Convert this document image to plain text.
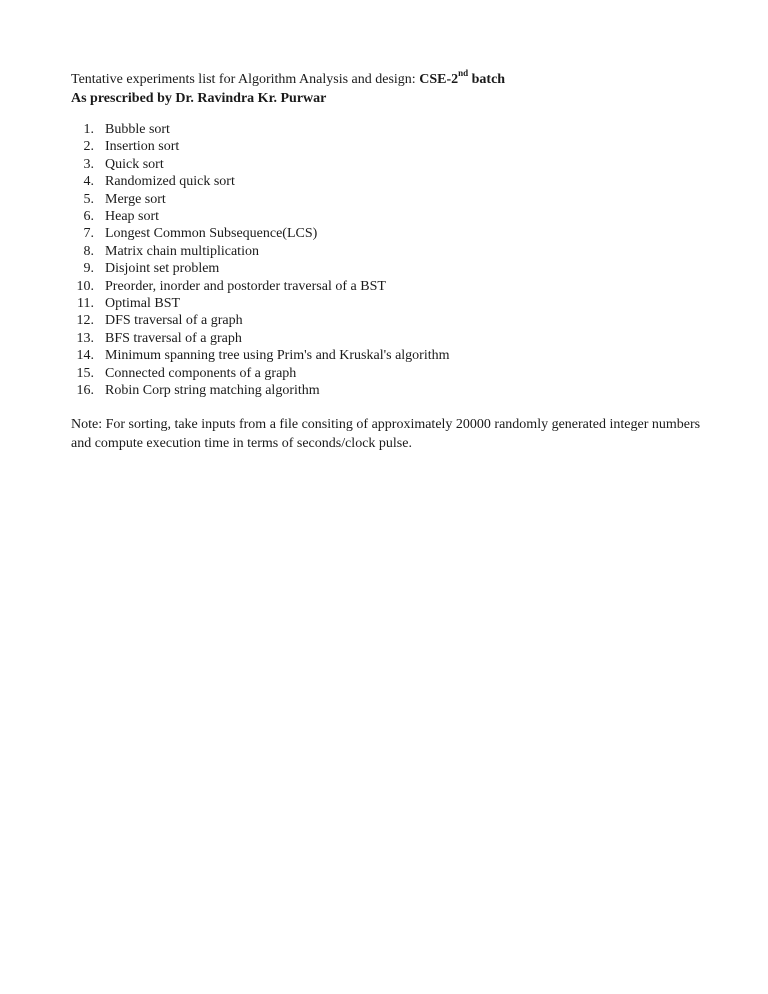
Tentative experiments list for Algorithm Analysis and design: CSE-2nd batch
As prescribed by Dr. Ravindra Kr. Purwar
1. Bubble sort
2. Insertion sort
3. Quick sort
4. Randomized quick sort
5. Merge sort
6. Heap sort
7. Longest Common Subsequence(LCS)
8. Matrix chain multiplication
9. Disjoint set problem
10. Preorder, inorder and postorder traversal of a BST
11. Optimal BST
12. DFS traversal of a graph
13. BFS traversal of a graph
14. Minimum spanning tree using Prim's and Kruskal's algorithm
15. Connected components of a graph
16. Robin Corp string matching algorithm
Note: For sorting, take inputs from a file consiting of approximately 20000 randomly generated integer numbers and compute execution time in terms of seconds/clock pulse.
